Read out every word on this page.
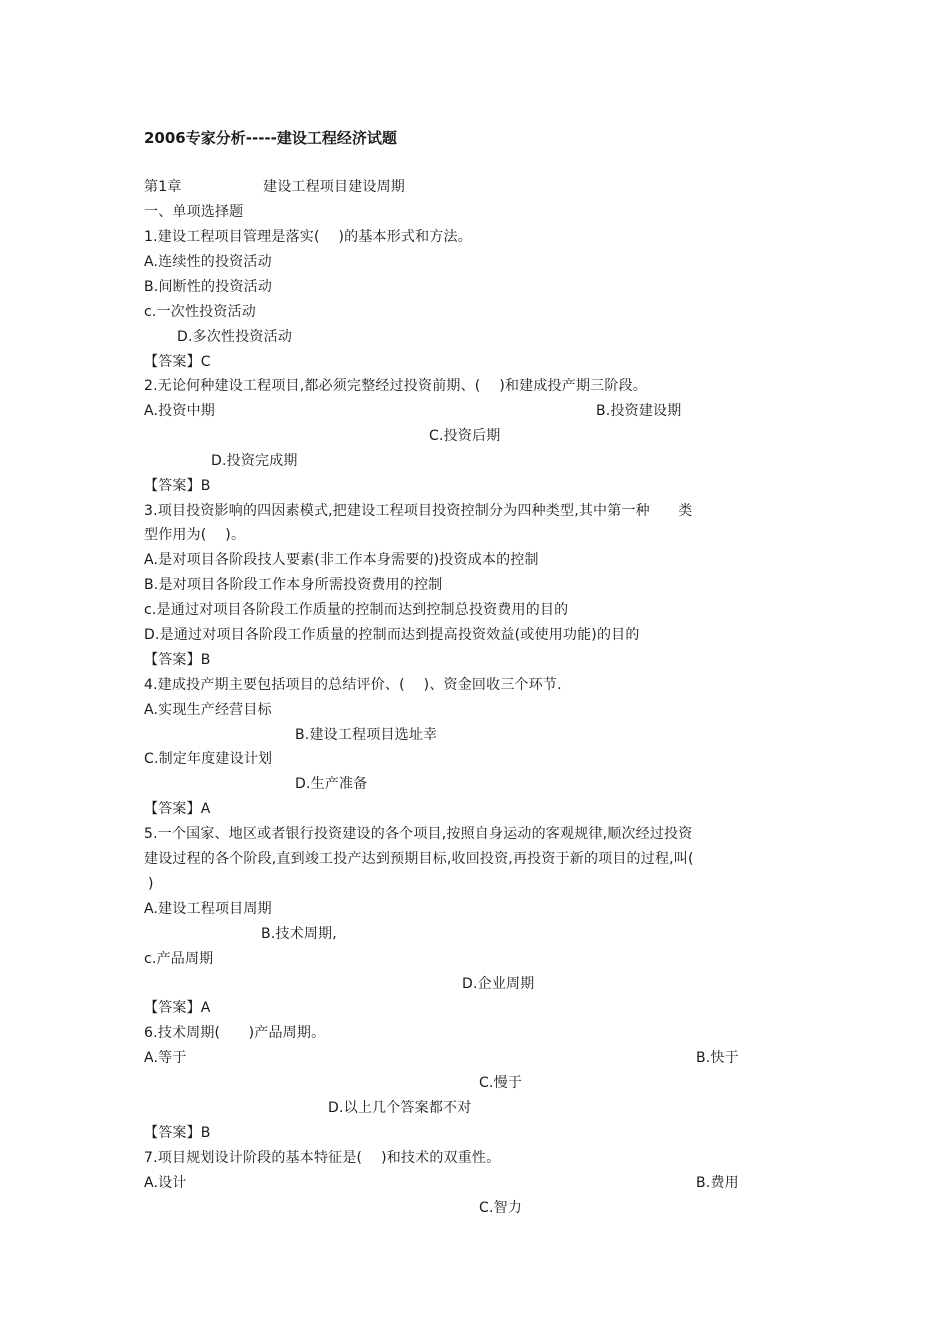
2006专家分析-----建设工程经济试题
第1章	建设工程项目建设周期
一、单项选择题
1.建设工程项目管理是落实(　 )的基本形式和方法。
A.连续性的投资活动
B.间断性的投资活动
c.一次性投资活动
D.多次性投资活动
【答案】C
2.无论何种建设工程项目,都必须完整经过投资前期、(　 )和建成投产期三阶段。
A.投资中期	B.投资建设期
C.投资后期
D.投资完成期
【答案】B
3.项目投资影响的四因素模式,把建设工程项目投资控制分为四种类型,其中第一种　　类
型作用为(　 )。
A.是对项目各阶段技人要素(非工作本身需要的)投资成本的控制
B.是对项目各阶段工作本身所需投资费用的控制
c.是通过对项目各阶段工作质量的控制而达到控制总投资费用的目的
D.是通过对项目各阶段工作质量的控制而达到提高投资效益(或使用功能)的目的
【答案】B
4.建成投产期主要包括项目的总结评价、(　 )、资金回收三个环节.
A.实现生产经营目标
B.建设工程项目选址幸
C.制定年度建设计划
D.生产准备
【答案】A
5.一个国家、地区或者银行投资建设的各个项目,按照自身运动的客观规律,顺次经过投资
建设过程的各个阶段,直到竣工投产达到预期目标,收回投资,再投资于新的项目的过程,叫(
)
A.建设工程项目周期
B.技术周期,
c.产品周期
D.企业周期
【答案】A
6.技术周期(　　)产品周期。
A.等于	B.快于
C.慢于
D.以上几个答案都不对
【答案】B
7.项目规划设计阶段的基本特征是(　 )和技术的双重性。
A.设计	B.费用
C.智力
